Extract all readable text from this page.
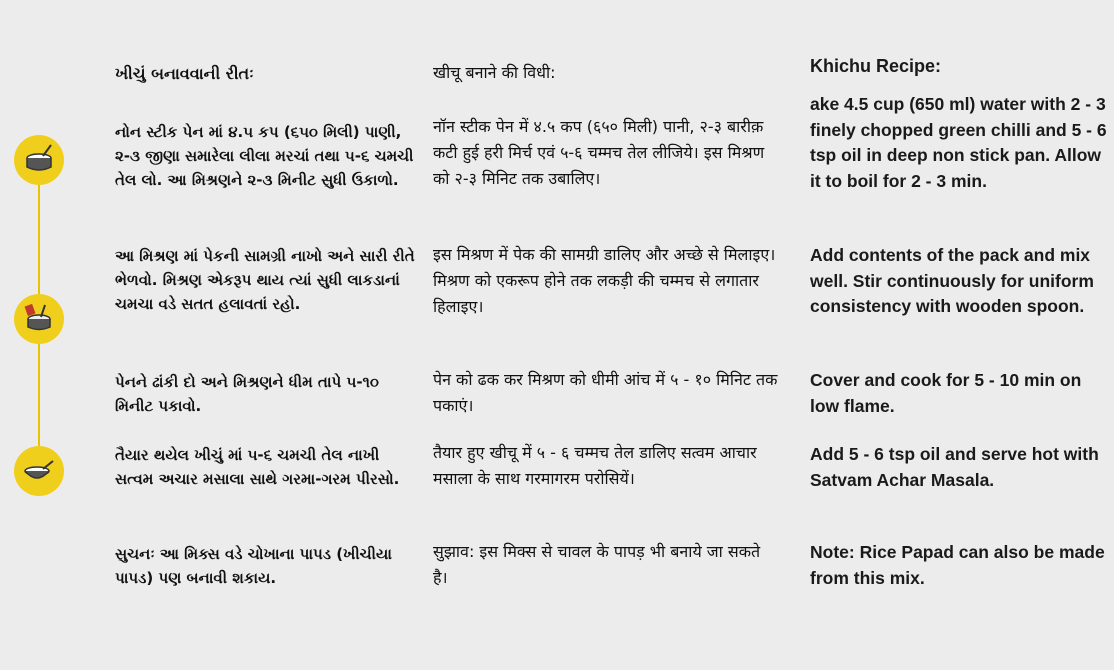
ખીચું બનાવવાની રીતઃ
નોન સ્ટીક પેન માં ૪.૫ કપ (૬૫૦ મિલી) પાણી, ૨-૩ જીણા સમારેલા લીલા મરચાં તથા ૫-૬ ચમચી તેલ લો. આ મિશ્રણને ૨-૩ મિનીટ સુધી ઉકાળો.
આ મિશ્રણ માં પેકની સામગ્રી નાખો અને સારી રીતે ભેળવો. મિશ્રણ એકરૂપ થાય ત્યાં સુધી લાકડાનાં ચમચા વડે સતત હલાવતાં રહો.
પેનને ઢાંકી દો અને મિશ્રણને ધીમ તાપે ૫-૧૦ મિનીટ પકાવો.
તૈયાર થયેલ ખીચું માં ૫-૬ ચમચી તેલ નાખી સત્વમ અચાર મસાલા સાથે ગરમા-ગરમ પીરસો.
સુચનઃ આ મિક્સ વડે ચોખાના પાપડ (ખીચીયા પાપડ) પણ બનાવી શકાય.
खीचू बनाने की विधी:
नॉन स्टीक पेन में ४.५ कप (६५० मिली) पानी, २-३ बारीक़ कटी हुई हरी मिर्च एवं ५-६ चम्मच तेल लीजिये। इस मिश्रण को २-३ मिनिट तक उबालिए।
इस मिश्रण में पेक की सामग्री डालिए और अच्छे से मिलाइए। मिश्रण को एकरूप होने तक लकड़ी की चम्मच से लगातार हिलाइए।
पेन को ढक कर मिश्रण को धीमी आंच में ५ - १० मिनिट तक पकाएं।
तैयार हुए खीचू में ५ - ६ चम्मच तेल डालिए सत्वम आचार मसाला के साथ गरमागरम परोसियें।
सुझाव: इस मिक्स से चावल के पापड़ भी बनाये जा सकते है।
Khichu Recipe:
ake 4.5 cup (650 ml) water with 2 - 3 finely chopped green chilli and 5 - 6 tsp oil in deep non stick pan. Allow it to boil for 2 - 3 min.
Add contents of the pack and mix well. Stir continuously for uniform consistency with wooden spoon.
Cover and cook for 5 - 10 min on low flame.
Add 5 - 6 tsp oil and serve hot with Satvam Achar Masala.
Note: Rice Papad can also be made from this mix.
